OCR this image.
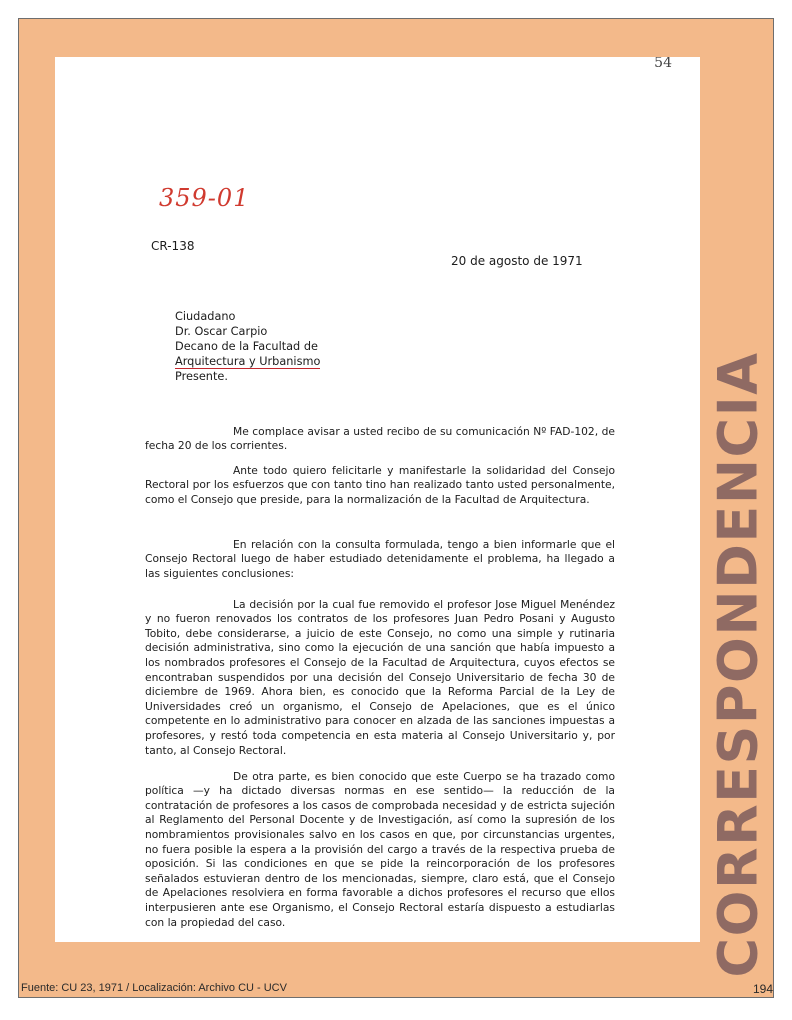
54
359-01
CR-138
20 de agosto de 1971
Ciudadano
Dr. Oscar Carpio
Decano de la Facultad de
Arquitectura y Urbanismo
Presente.

Me complace avisar a usted recibo de su comunicación Nº FAD-102, de fecha 20 de los corrientes.

Ante todo quiero felicitarle y manifestarle la solidaridad del Consejo Rectoral por los esfuerzos que con tanto tino han realizado tanto usted personalmente, como el Consejo que preside, para la normalización de la Facultad de Arquitectura.

En relación con la consulta formulada, tengo a bien informarle que el Consejo Rectoral luego de haber estudiado detenidamente el problema, ha llegado a las siguientes conclusiones:

La decisión por la cual fue removido el profesor Jose Miguel Menéndez y no fueron renovados los contratos de los profesores Juan Pedro Posani y Augusto Tobito, debe considerarse, a juicio de este Consejo, no como una simple y rutinaria decisión administrativa, sino como la ejecución de una sanción que había impuesto a los nombrados profesores el Consejo de la Facultad de Arquitectura, cuyos efectos se encontraban suspendidos por una decisión del Consejo Universitario de fecha 30 de diciembre de 1969. Ahora bien, es conocido que la Reforma Parcial de la Ley de Universidades creó un organismo, el Consejo de Apelaciones, que es el único competente en lo administrativo para conocer en alzada de las sanciones impuestas a profesores, y restó toda competencia en esta materia al Consejo Universitario y, por tanto, al Consejo Rectoral.

De otra parte, es bien conocido que este Cuerpo se ha trazado como política —y ha dictado diversas normas en ese sentido— la reducción de la contratación de profesores a los casos de comprobada necesidad y de estricta sujeción al Reglamento del Personal Docente y de Investigación, así como la supresión de los nombramientos provisionales salvo en los casos en que, por circunstancias urgentes, no fuera posible la espera a la provisión del cargo a través de la respectiva prueba de oposición. Si las condiciones en que se pide la reincorporación de los profesores señalados estuvieran dentro de los mencionadas, siempre, claro está, que el Consejo de Apelaciones resolviera en forma favorable a dichos profesores el recurso que ellos interpusieren ante ese Organismo, el Consejo Rectoral estaría dispuesto a estudiarlas con la propiedad del caso.	CORRESPONDENCIA
Fuente: CU 23, 1971 / Localización: Archivo CU - UCV	194
